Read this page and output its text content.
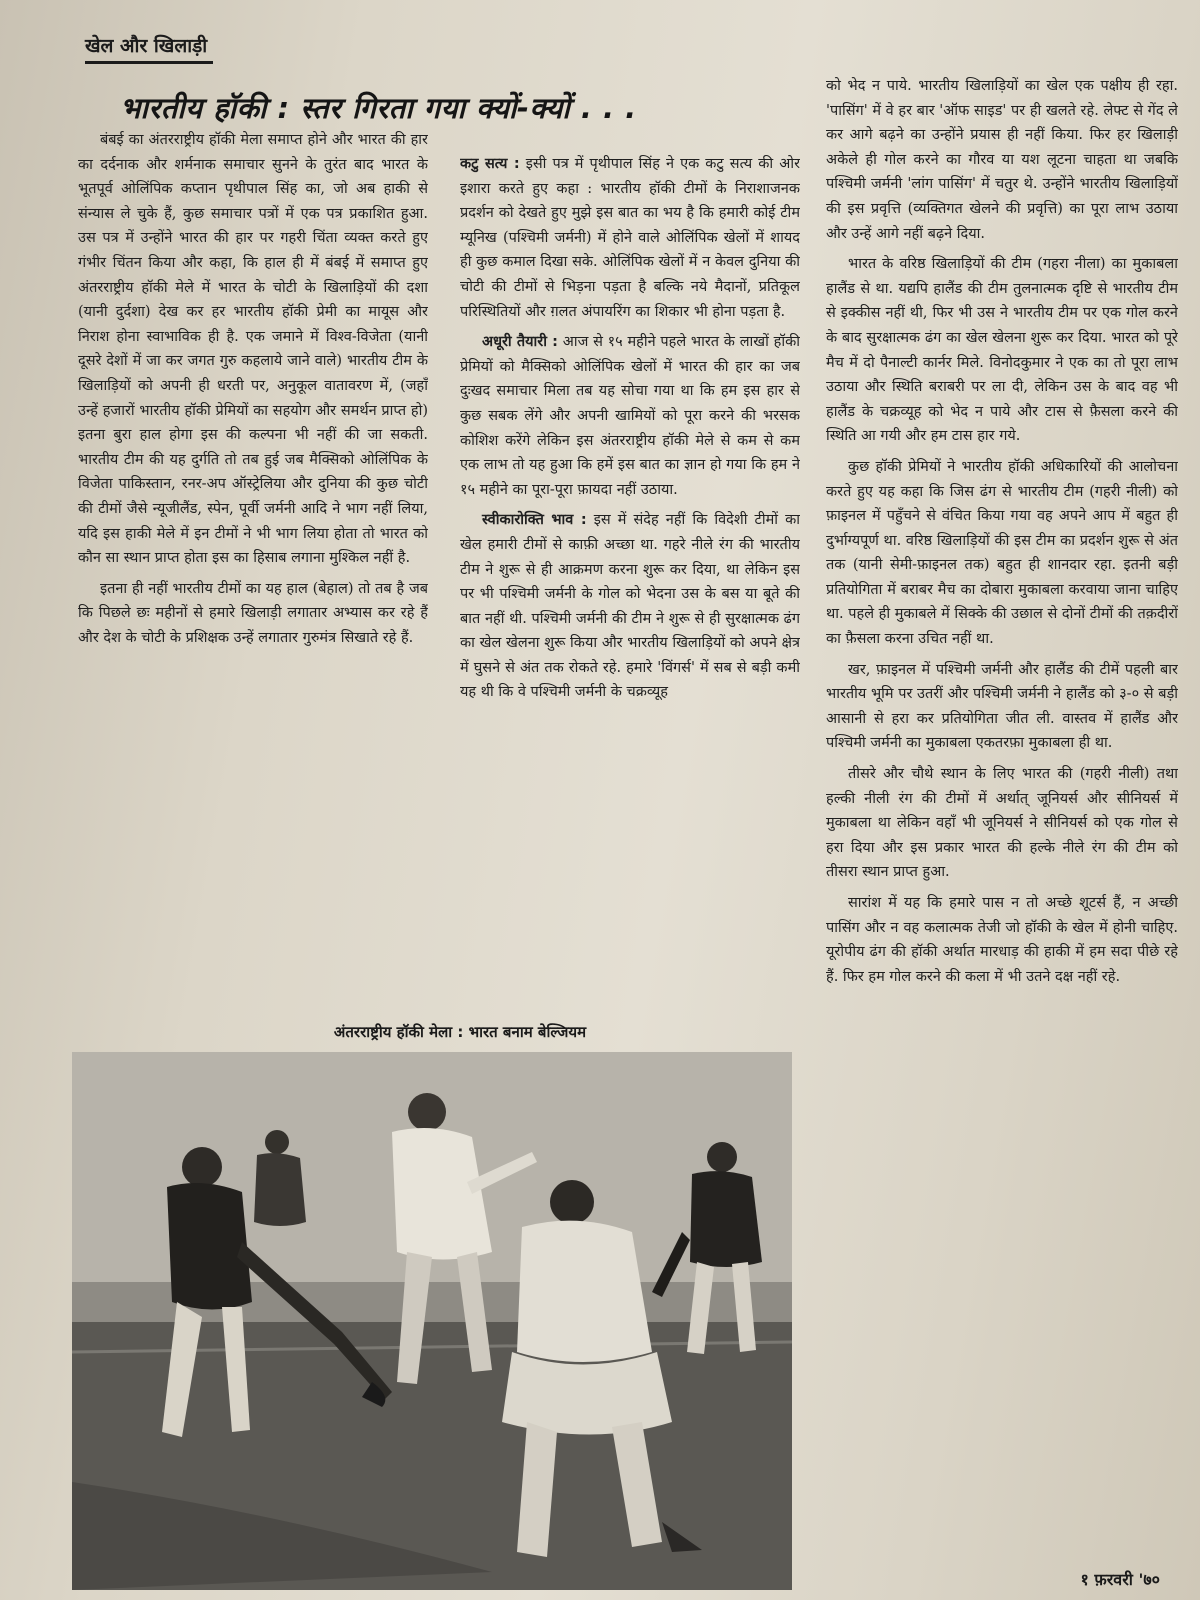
खेल और खिलाड़ी
भारतीय हॉकी : स्तर गिरता गया क्यों-क्यों . . .

बंबई का अंतरराष्ट्रीय हॉकी मेला समाप्त होने और भारत की हार का दर्दनाक और शर्मनाक समाचार सुनने के तुरंत बाद भारत के भूतपूर्व ओलिंपिक कप्तान पृथीपाल सिंह का, जो अब हाकी से संन्यास ले चुके हैं, कुछ समाचार पत्रों में एक पत्र प्रकाशित हुआ. उस पत्र में उन्होंने भारत की हार पर गहरी चिंता व्यक्त करते हुए गंभीर चिंतन किया और कहा, कि हाल ही में बंबई में समाप्त हुए अंतरराष्ट्रीय हॉकी मेले में भारत के चोटी के खिलाड़ियों की दशा (यानी दुर्दशा) देख कर हर भारतीय हॉकी प्रेमी का मायूस और निराश होना स्वाभाविक ही है. एक जमाने में विश्व-विजेता (यानी दूसरे देशों में जा कर जगत गुरु कहलाये जाने वाले) भारतीय टीम के खिलाड़ियों को अपनी ही धरती पर, अनुकूल वातावरण में, (जहाँ उन्हें हजारों भारतीय हॉकी प्रेमियों का सहयोग और समर्थन प्राप्त हो) इतना बुरा हाल होगा इस की कल्पना भी नहीं की जा सकती. भारतीय टीम की यह दुर्गति तो तब हुई जब मैक्सिको ओलिंपिक के विजेता पाकिस्तान, रनर-अप ऑस्ट्रेलिया और दुनिया की कुछ चोटी की टीमों जैसे न्यूजीलैंड, स्पेन, पूर्वी जर्मनी आदि ने भाग नहीं लिया, यदि इस हाकी मेले में इन टीमों ने भी भाग लिया होता तो भारत को कौन सा स्थान प्राप्त होता इस का हिसाब लगाना मुश्किल नहीं है.

इतना ही नहीं भारतीय टीमों का यह हाल (बेहाल) तो तब है जब कि पिछले छः महीनों से हमारे खिलाड़ी लगातार अभ्यास कर रहे हैं और देश के चोटी के प्रशिक्षक उन्हें लगातार गुरुमंत्र सिखाते रहे हैं.

कटु सत्य : इसी पत्र में पृथीपाल सिंह ने एक कटु सत्य की ओर इशारा करते हुए कहा : भारतीय हॉकी टीमों के निराशाजनक प्रदर्शन को देखते हुए मुझे इस बात का भय है कि हमारी कोई टीम म्यूनिख (पश्चिमी जर्मनी) में होने वाले ओलिंपिक खेलों में शायद ही कुछ कमाल दिखा सके. ओलिंपिक खेलों में न केवल दुनिया की चोटी की टीमों से भिड़ना पड़ता है बल्कि नये मैदानों, प्रतिकूल परिस्थितियों और ग़लत अंपायरिंग का शिकार भी होना पड़ता है.

अधूरी तैयारी : आज से १५ महीने पहले भारत के लाखों हॉकी प्रेमियों को मैक्सिको ओलिंपिक खेलों में भारत की हार का जब दुःखद समाचार मिला तब यह सोचा गया था कि हम इस हार से कुछ सबक लेंगे और अपनी खामियों को पूरा करने की भरसक कोशिश करेंगे लेकिन इस अंतरराष्ट्रीय हॉकी मेले से कम से कम एक लाभ तो यह हुआ कि हमें इस बात का ज्ञान हो गया कि हम ने १५ महीने का पूरा-पूरा फ़ायदा नहीं उठाया.

स्वीकारोक्ति भाव : इस में संदेह नहीं कि विदेशी टीमों का खेल हमारी टीमों से काफ़ी अच्छा था. गहरे नीले रंग की भारतीय टीम ने शुरू से ही आक्रमण करना शुरू कर दिया, था लेकिन इस पर भी पश्चिमी जर्मनी के गोल को भेदना उस के बस या बूते की बात नहीं थी. पश्चिमी जर्मनी की टीम ने शुरू से ही सुरक्षात्मक ढंग का खेल खेलना शुरू किया और भारतीय खिलाड़ियों को अपने क्षेत्र में घुसने से अंत तक रोकते रहे. हमारे 'विंगर्स' में सब से बड़ी कमी यह थी कि वे पश्चिमी जर्मनी के चक्रव्यूह

को भेद न पाये. भारतीय खिलाड़ियों का खेल एक पक्षीय ही रहा. 'पासिंग' में वे हर बार 'ऑफ साइड' पर ही खलते रहे. लेफ्ट से गेंद ले कर आगे बढ़ने का उन्होंने प्रयास ही नहीं किया. फिर हर खिलाड़ी अकेले ही गोल करने का गौरव या यश लूटना चाहता था जबकि पश्चिमी जर्मनी 'लांग पासिंग' में चतुर थे. उन्होंने भारतीय खिलाड़ियों की इस प्रवृत्ति (व्यक्तिगत खेलने की प्रवृत्ति) का पूरा लाभ उठाया और उन्हें आगे नहीं बढ़ने दिया.

भारत के वरिष्ठ खिलाड़ियों की टीम (गहरा नीला) का मुकाबला हालैंड से था. यद्यपि हालैंड की टीम तुलनात्मक दृष्टि से भारतीय टीम से इक्कीस नहीं थी, फिर भी उस ने भारतीय टीम पर एक गोल करने के बाद सुरक्षात्मक ढंग का खेल खेलना शुरू कर दिया. भारत को पूरे मैच में दो पैनाल्टी कार्नर मिले. विनोदकुमार ने एक का तो पूरा लाभ उठाया और स्थिति बराबरी पर ला दी, लेकिन उस के बाद वह भी हालैंड के चक्रव्यूह को भेद न पाये और टास से फ़ैसला करने की स्थिति आ गयी और हम टास हार गये.

कुछ हॉकी प्रेमियों ने भारतीय हॉकी अधिकारियों की आलोचना करते हुए यह कहा कि जिस ढंग से भारतीय टीम (गहरी नीली) को फ़ाइनल में पहुँचने से वंचित किया गया वह अपने आप में बहुत ही दुर्भाग्यपूर्ण था. वरिष्ठ खिलाड़ियों की इस टीम का प्रदर्शन शुरू से अंत तक (यानी सेमी-फ़ाइनल तक) बहुत ही शानदार रहा. इतनी बड़ी प्रतियोगिता में बराबर मैच का दोबारा मुकाबला करवाया जाना चाहिए था. पहले ही मुकाबले में सिक्के की उछाल से दोनों टीमों की तक़दीरों का फ़ैसला करना उचित नहीं था.

खर, फ़ाइनल में पश्चिमी जर्मनी और हालैंड की टीमें पहली बार भारतीय भूमि पर उतरीं और पश्चिमी जर्मनी ने हालैंड को ३-० से बड़ी आसानी से हरा कर प्रतियोगिता जीत ली. वास्तव में हालैंड और पश्चिमी जर्मनी का मुकाबला एकतरफ़ा मुकाबला ही था.

तीसरे और चौथे स्थान के लिए भारत की (गहरी नीली) तथा हल्की नीली रंग की टीमों में अर्थात् जूनियर्स और सीनियर्स में मुकाबला था लेकिन वहाँ भी जूनियर्स ने सीनियर्स को एक गोल से हरा दिया और इस प्रकार भारत की हल्के नीले रंग की टीम को तीसरा स्थान प्राप्त हुआ.

सारांश में यह कि हमारे पास न तो अच्छे शूटर्स हैं, न अच्छी पासिंग और न वह कलात्मक तेजी जो हॉकी के खेल में होनी चाहिए. यूरोपीय ढंग की हॉकी अर्थात मारधाड़ की हाकी में हम सदा पीछे रहे हैं. फिर हम गोल करने की कला में भी उतने दक्ष नहीं रहे.

अंतरराष्ट्रीय हॉकी मेला : भारत बनाम बेल्जियम
१ फ़रवरी '७०
